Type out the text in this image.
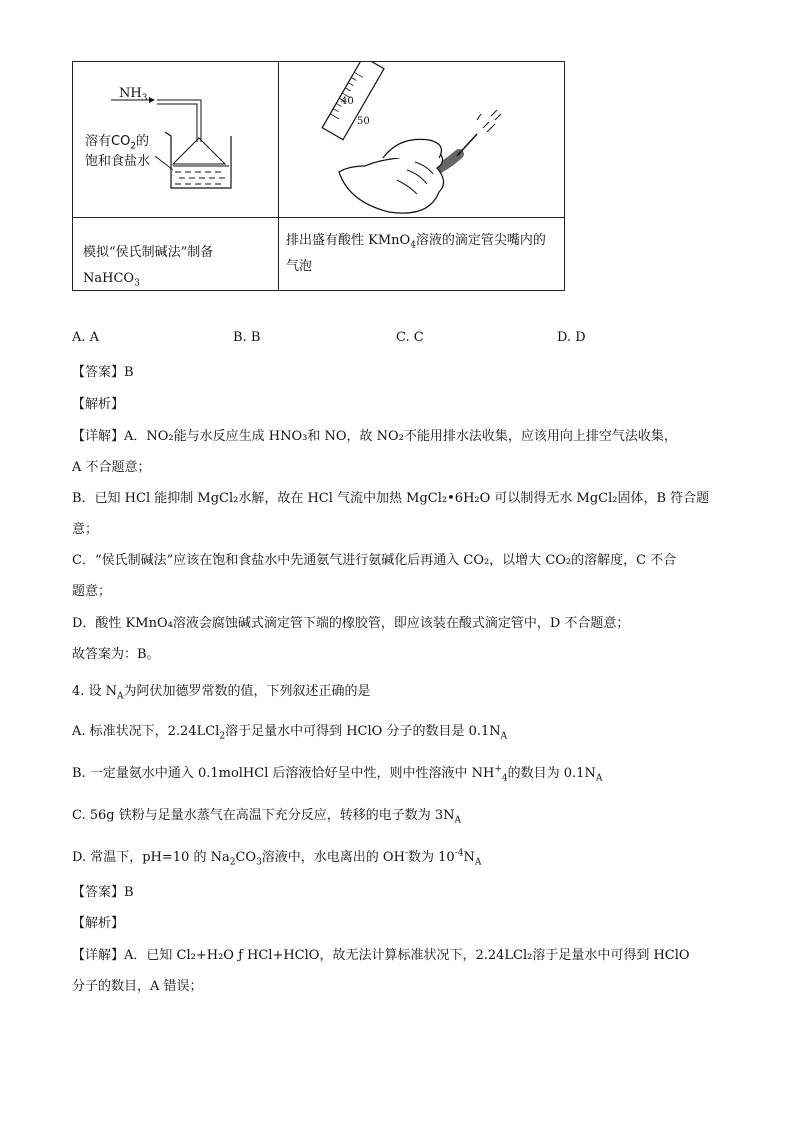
$NH_3$
溶有$CO_2$的
饱和食盐水
40
50
模拟“侯氏制碱法”制备 NaHCO$_3$
排出盛有酸性 KMnO$_4$溶液的滴定管尖嘴内的气泡
A. A	B. B	C. C	D. D
【答案】B
【解析】
【详解】A．NO₂能与水反应生成 HNO₃和 NO，故 NO₂不能用排水法收集，应该用向上排空气法收集，
A 不合题意；
B．已知 HCl 能抑制 MgCl₂水解，故在 HCl 气流中加热 MgCl₂•6H₂O 可以制得无水 MgCl₂固体，B 符合题
意；
C．“侯氏制碱法”应该在饱和食盐水中先通氨气进行氨碱化后再通入 CO₂，以增大 CO₂的溶解度，C 不合
题意；
D．酸性 KMnO₄溶液会腐蚀碱式滴定管下端的橡胶管，即应该装在酸式滴定管中，D 不合题意；
故答案为：B。
4. 设 $N_A$为阿伏加德罗常数的值，下列叙述正确的是
A. 标准状况下，2.24LCl$_2$溶于足量水中可得到 HClO 分子的数目是 $0.1N_A$
B. 一定量氨水中通入 0.1molHCl 后溶液恰好呈中性，则中性溶液中 $NH^+_4$的数目为 $0.1N_A$
C. 56g 铁粉与足量水蒸气在高温下充分反应，转移的电子数为 $3N_A$
D. 常温下，pH=10 的 $Na_2CO_3$溶液中，水电离出的 OH-数为 $10^{-4}N_A$
【答案】B
【解析】
【详解】A．已知 Cl₂+H₂O ƒ HCl+HClO，故无法计算标准状况下，2.24LCl₂溶于足量水中可得到 HClO
分子的数目，A 错误；
